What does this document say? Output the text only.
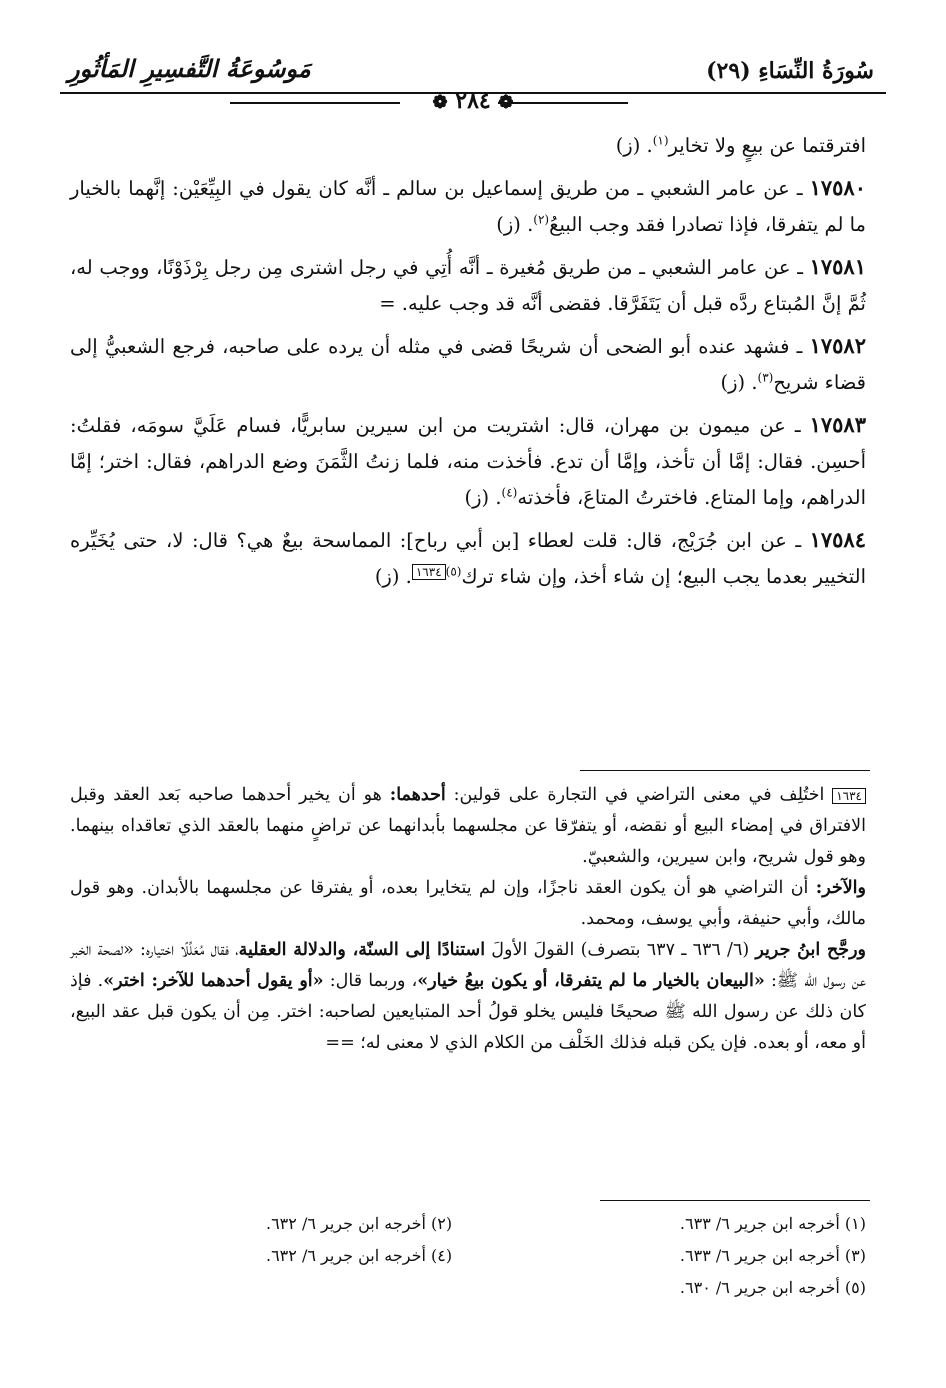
سُورَةُ النِّسَاءِ (٢٩)
مَوسُوعَةُ التَّفسِيرِ المَأثُورِ
❁ ٢٨٤ ❁

افترقتما عن بيعٍ ولا تخاير$^{(١)}$. (ز)

١٧٥٨٠ ـ عن عامر الشعبي ـ من طريق إسماعيل بن سالم ـ أنَّه كان يقول في البِيِّعَيْن: إنَّهما بالخيار ما لم يتفرقا، فإذا تصادرا فقد وجب البيعُ$^{(٢)}$. (ز)

١٧٥٨١ ـ عن عامر الشعبي ـ من طريق مُغيرة ـ أنَّه أُتِي في رجل اشترى مِن رجل بِرْذَوْنًا، ووجب له، ثُمَّ إنَّ المُبتاع ردَّه قبل أن يَتَفَرَّقا. فقضى أنَّه قد وجب عليه. =

١٧٥٨٢ ـ فشهد عنده أبو الضحى أن شريحًا قضى في مثله أن يرده على صاحبه، فرجع الشعبيُّ إلى قضاء شريح$^{(٣)}$. (ز)

١٧٥٨٣ ـ عن ميمون بن مهران، قال: اشتريت من ابن سيرين سابريًّا، فسام عَلَيَّ سومَه، فقلتُ: أحسِن. فقال: إمَّا أن تأخذ، وإمَّا أن تدع. فأخذت منه، فلما زنتُ الثَّمَنَ وضع الدراهم، فقال: اختر؛ إمَّا الدراهم، وإما المتاع. فاخترتُ المتاعَ، فأخذته$^{(٤)}$. (ز)

١٧٥٨٤ ـ عن ابن جُرَيْج، قال: قلت لعطاء [بن أبي رباح]: المماسحة بيعٌ هي؟ قال: لا، حتى يُخَيِّره التخيير بعدما يجب البيع؛ إن شاء أخذ، وإن شاء ترك$^{(٥)}$١٦٣٤. (ز)

١٦٣٤ اختُلِف في معنى التراضي في التجارة على قولين: أحدهما: هو أن يخير أحدهما صاحبه بَعد العقد وقبل الافتراق في إمضاء البيع أو نقضه، أو يتفرّقا عن مجلسهما بأبدانهما عن تراضٍ منهما بالعقد الذي تعاقداه بينهما. وهو قول شريح، وابن سيرين، والشعبيّ.

والآخر: أن التراضي هو أن يكون العقد ناجزًا، وإن لم يتخايرا بعده، أو يفترقا عن مجلسهما بالأبدان. وهو قول مالك، وأبي حنيفة، وأبي يوسف، ومحمد.

ورجَّح ابنُ جرير (٦/ ٦٣٦ ـ ٦٣٧ بتصرف) القولَ الأولَ استنادًا إلى السنّة، والدلالة العقلية، فقال مُعَلِّلًا اختياره: «لصحة الخبر عن رسول الله ﷺ: «البيعان بالخيار ما لم يتفرقا، أو يكون بيعُ خيار»، وربما قال: «أو يقول أحدهما للآخر: اختر». فإذ كان ذلك عن رسول الله ﷺ صحيحًا فليس يخلو قولُ أحد المتبايعين لصاحبه: اختر. مِن أن يكون قبل عقد البيع، أو معه، أو بعده. فإن يكن قبله فذلك الخَلْف من الكلام الذي لا معنى له؛ ==

(١) أخرجه ابن جرير ٦/ ٦٣٣.
(٢) أخرجه ابن جرير ٦/ ٦٣٢.
(٣) أخرجه ابن جرير ٦/ ٦٣٣.
(٤) أخرجه ابن جرير ٦/ ٦٣٢.
(٥) أخرجه ابن جرير ٦/ ٦٣٠.
